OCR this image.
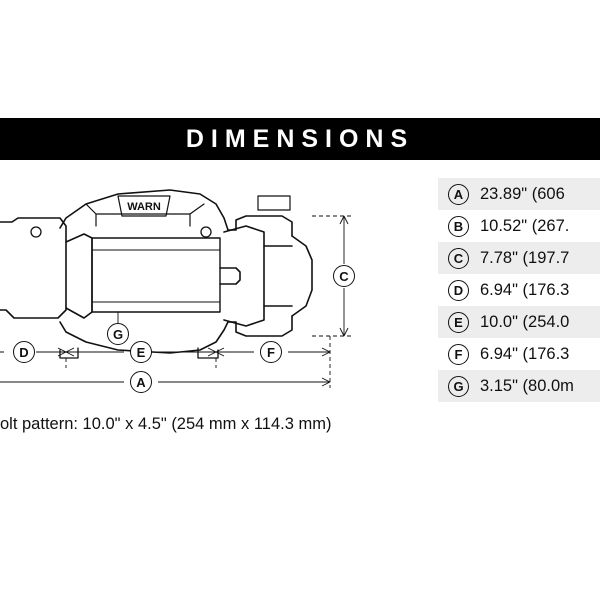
DIMENSIONS
WARN
C
D	E	F
G
A
olt pattern: 10.0" x 4.5" (254 mm x 114.3 mm)
A	23.89" (606
B	10.52" (267.
C	7.78" (197.7
D	6.94" (176.3
E	10.0" (254.0
F	6.94" (176.3
G 3.15" (80.0m
